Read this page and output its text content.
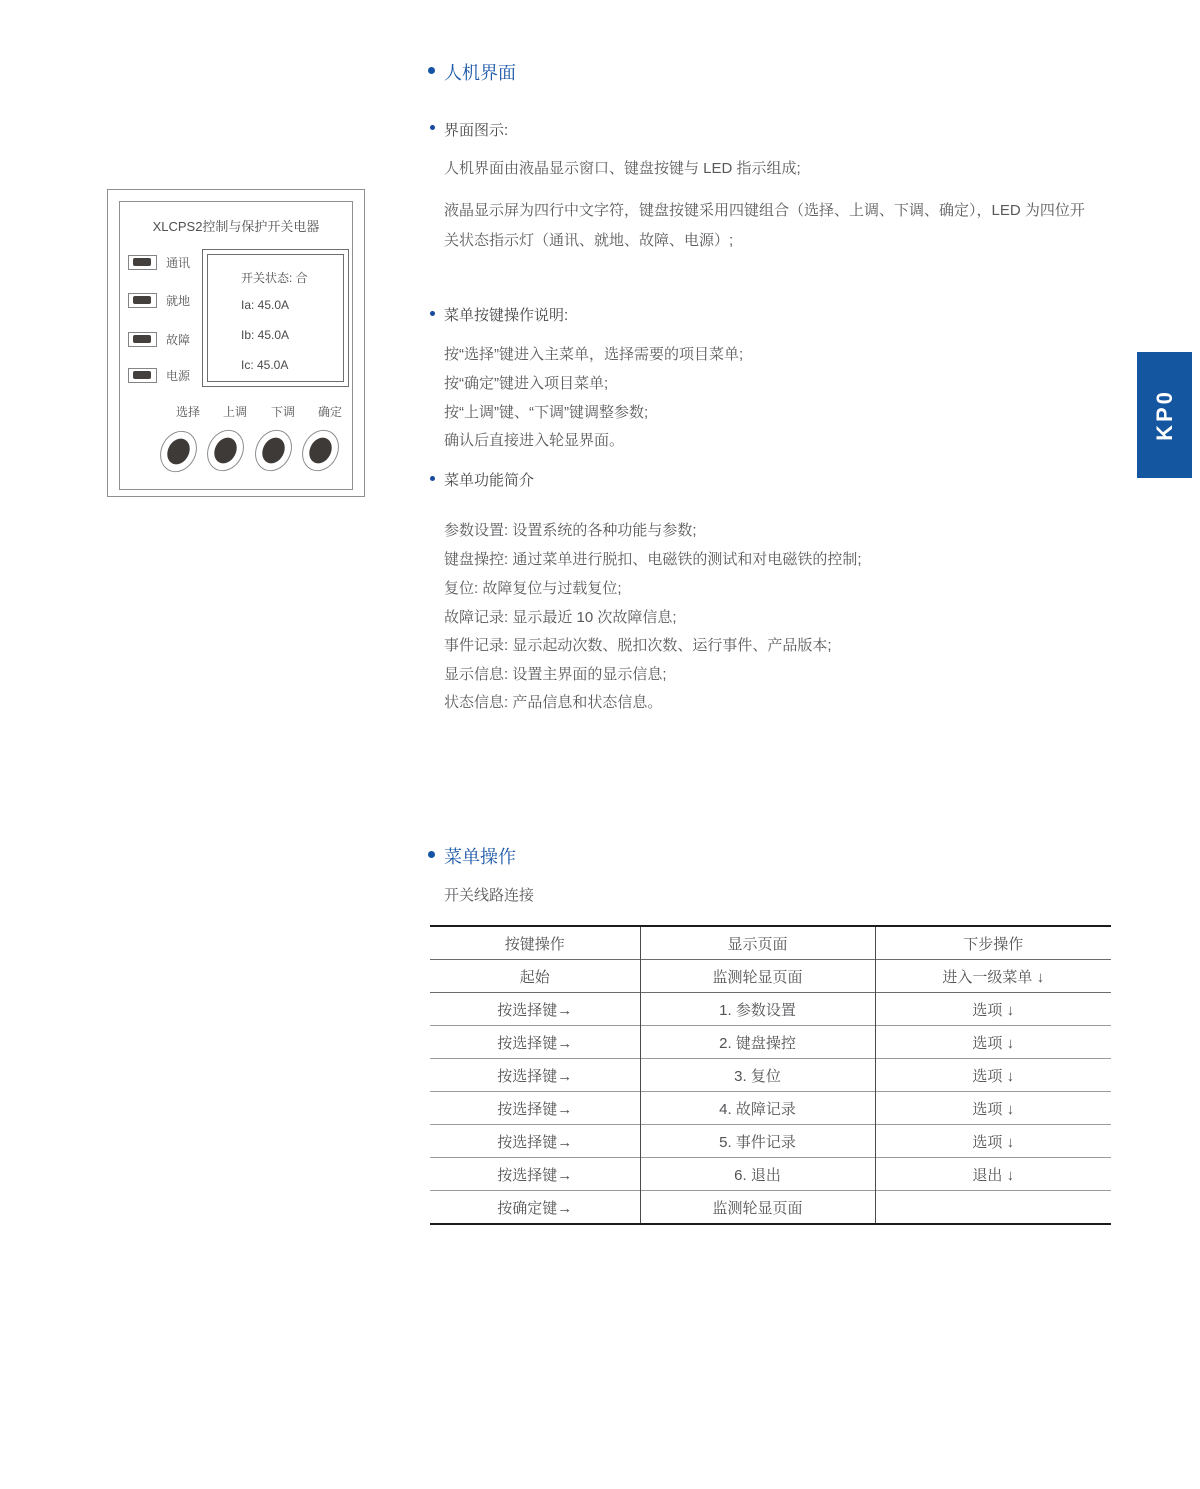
XLCPS2控制与保护开关电器
通讯
就地
故障
电源
开关状态: 合
Ia: 45.0A
Ib: 45.0A
Ic: 45.0A
选择	上调	下调	确定
人机界面
界面图示:
人机界面由液晶显示窗口、键盘按键与 LED 指示组成;
液晶显示屏为四行中文字符，键盘按键采用四键组合（选择、上调、下调、确定），LED 为四位开
关状态指示灯（通讯、就地、故障、电源）;
菜单按键操作说明:
按“选择”键进入主菜单，选择需要的项目菜单;
按“确定”键进入项目菜单;
按“上调”键、“下调”键调整参数;
确认后直接进入轮显界面。
菜单功能简介
参数设置: 设置系统的各种功能与参数;
键盘操控: 通过菜单进行脱扣、电磁铁的测试和对电磁铁的控制;
复位: 故障复位与过载复位;
故障记录: 显示最近 10 次故障信息;
事件记录: 显示起动次数、脱扣次数、运行事件、产品版本;
显示信息: 设置主界面的显示信息;
状态信息: 产品信息和状态信息。
菜单操作
开关线路连接
按键操作	显示页面	下步操作
起始	监测轮显页面	进入一级菜单 ↓
按选择键→	1. 参数设置	选项 ↓
按选择键→	2. 键盘操控	选项 ↓
按选择键→	3. 复位	选项 ↓
按选择键→	4. 故障记录	选项 ↓
按选择键→	5. 事件记录	选项 ↓
按选择键→	6. 退出	退出 ↓
按确定键→	监测轮显页面	
KP0
